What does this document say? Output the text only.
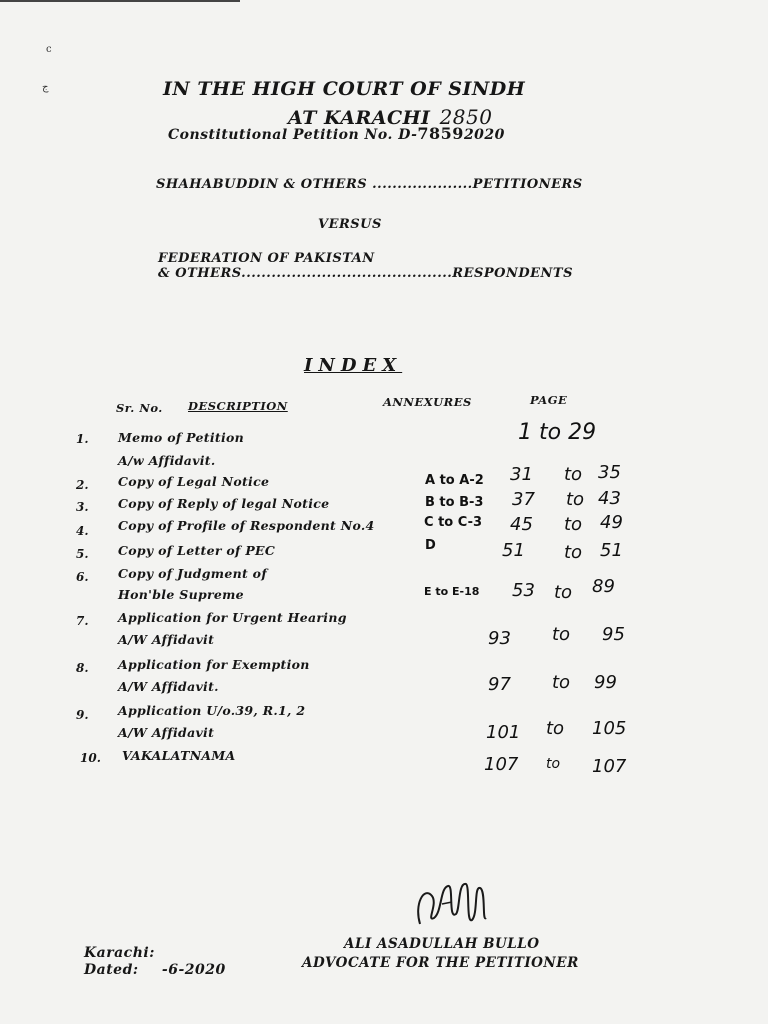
c
ج	IN THE HIGH COURT OF SINDH
AT KARACHI 2850
Constitutional Petition No. D-78592020
SHAHABUDDIN & OTHERS ....................PETITIONERS
VERSUS
FEDERATION OF PAKISTAN
& OTHERS..........................................RESPONDENTS
INDEX
Sr. No. DESCRIPTION	ANNEXURES	PAGE
1. Memo of Petition
A/w Affidavit.
1 to 29
2. Copy of Legal Notice	A to A-2 31 to 35
3. Copy of Reply of legal Notice	B to B-3 37 to 43
4. Copy of Profile of Respondent No.4	C to C-3 45 to 49
5. Copy of Letter of PEC	D	51 to 51
6. Copy of Judgment of
Hon'ble Supreme	E to E-18 53 to 89
7. Application for Urgent Hearing
A/W Affidavit	93 to 95
8. Application for Exemption
A/W Affidavit.	97 to 99
9. Application U/o.39, R.1, 2
A/W Affidavit	101 to 105
10. VAKALATNAMA	107 to 107
Karachi:
Dated: -6-2020
ALI ASADULLAH BULLO
ADVOCATE FOR THE PETITIONER
